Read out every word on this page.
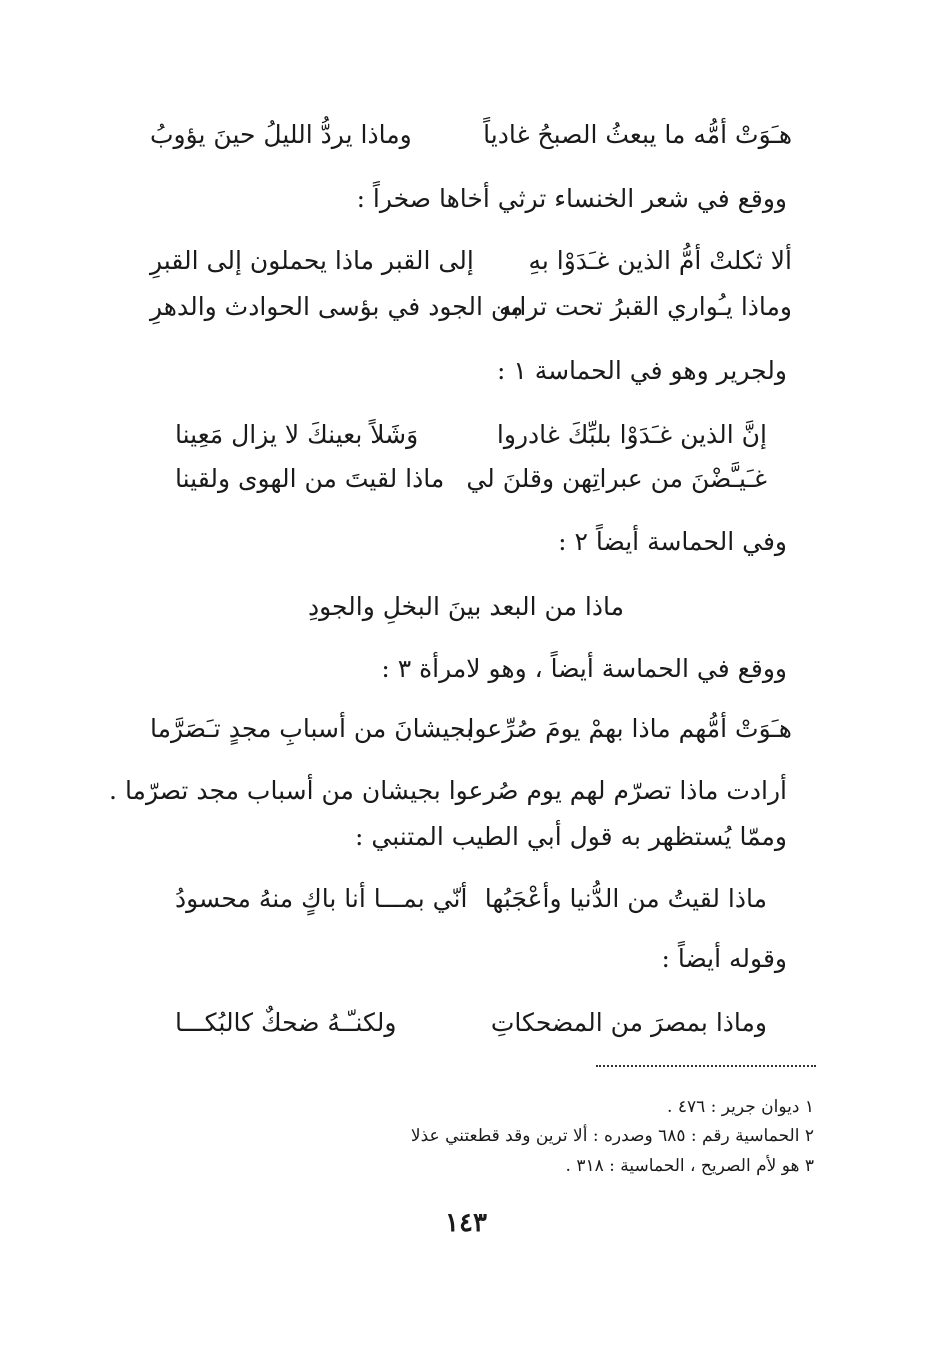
هـَوَتْ أمُّه ما يبعثُ الصبحُ غادياً
وماذا يردُّ الليلُ حينَ يؤوبُ
ووقع في شعر الخنساء ترثي أخاها صخراً :
ألا ثكلتْ أمُّ الذين غـَدَوْا بهِ
إلى القبر ماذا يحملون إلى القبرِ
وماذا يـُواري القبرُ تحت ترابه
من الجود في بؤسى الحوادث والدهرِ
ولجرير وهو في الحماسة ١ :
إنَّ الذين غـَدَوْا بلبِّكَ غادروا
وَشَلاً بعينكَ لا يزال مَعِينا
غـَيـَّضْنَ من عبراتِهن وقلنَ لي
ماذا لقيتَ من الهوى ولقينا
وفي الحماسة أيضاً ٢ :
ماذا من البعد بينَ البخلِ والجودِ
ووقع في الحماسة أيضاً ، وهو لامرأة ٣ :
هـَوَتْ أمُّهم ماذا بهمْ يومَ صُرِّعوا
بجيشانَ من أسبابِ مجدٍ تـَصَرَّما
أرادت ماذا تصرّم لهم يوم صُرعوا بجيشان من أسباب مجد تصرّما .
وممّا يُستظهر به قول أبي الطيب المتنبي :
ماذا لقيتُ من الدُّنيا وأعْجَبُها
أنّي بمـــا أنا باكٍ منهُ محسودُ
وقوله أيضاً :
وماذا بمصرَ من المضحكاتِ
ولكنـّـهُ ضحكٌ كالبُكـــا
١ ديوان جرير : ٤٧٦ .
٢ الحماسية رقم : ٦٨٥ وصدره : ألا ترين وقد قطعتني عذلا
٣ هو لأم الصريح ، الحماسية : ٣١٨ .
١٤٣
